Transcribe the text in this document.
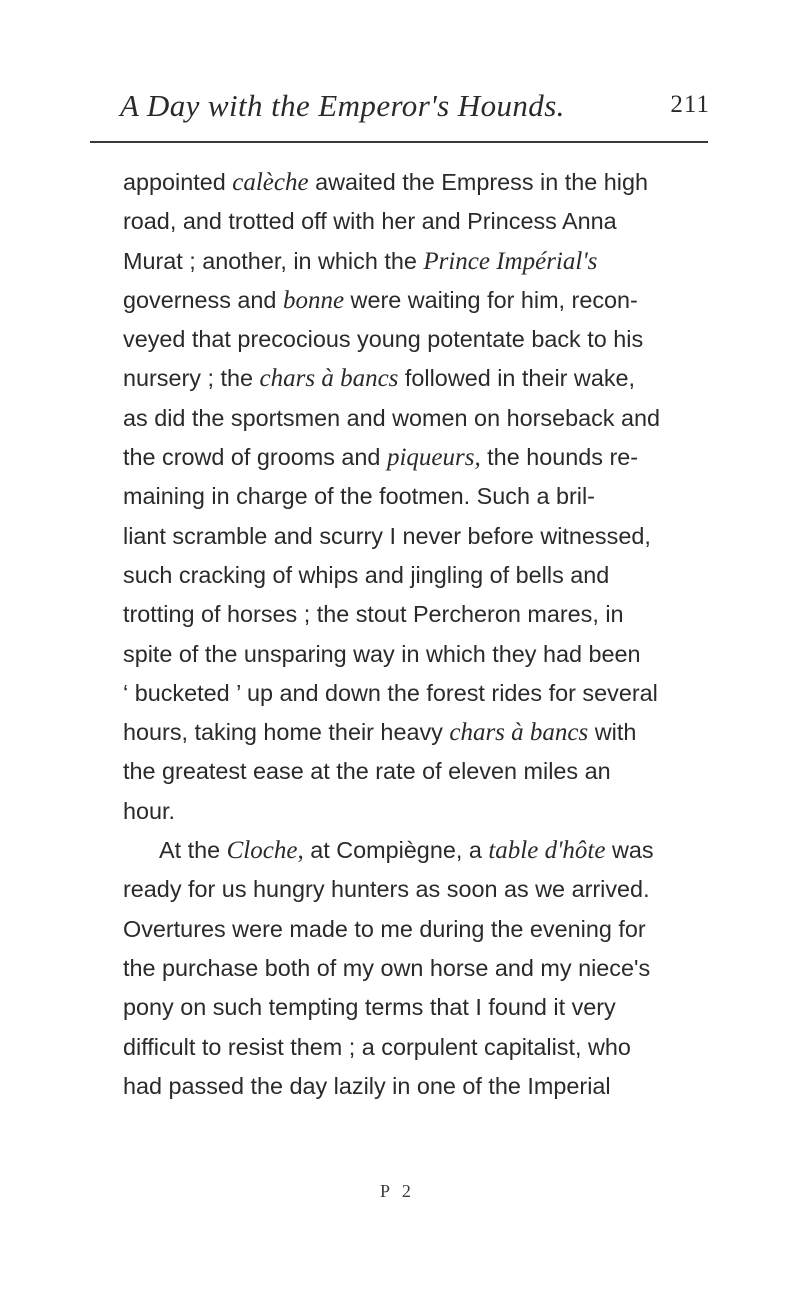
A Day with the Emperor's Hounds.	211
appointed calèche awaited the Empress in the high
road, and trotted off with her and Princess Anna
Murat ; another, in which the Prince Impérial's
governess and bonne were waiting for him, recon-
veyed that precocious young potentate back to his
nursery ; the chars à bancs followed in their wake,
as did the sportsmen and women on horseback and
the crowd of grooms and piqueurs, the hounds re-
maining in charge of the footmen. Such a bril-
liant scramble and scurry I never before witnessed,
such cracking of whips and jingling of bells and
trotting of horses ; the stout Percheron mares, in
spite of the unsparing way in which they had been
‘ bucketed ’ up and down the forest rides for several
hours, taking home their heavy chars à bancs with
the greatest ease at the rate of eleven miles an
hour.
At the Cloche, at Compiègne, a table d'hôte was
ready for us hungry hunters as soon as we arrived.
Overtures were made to me during the evening for
the purchase both of my own horse and my niece's
pony on such tempting terms that I found it very
difficult to resist them ; a corpulent capitalist, who
had passed the day lazily in one of the Imperial
P 2
